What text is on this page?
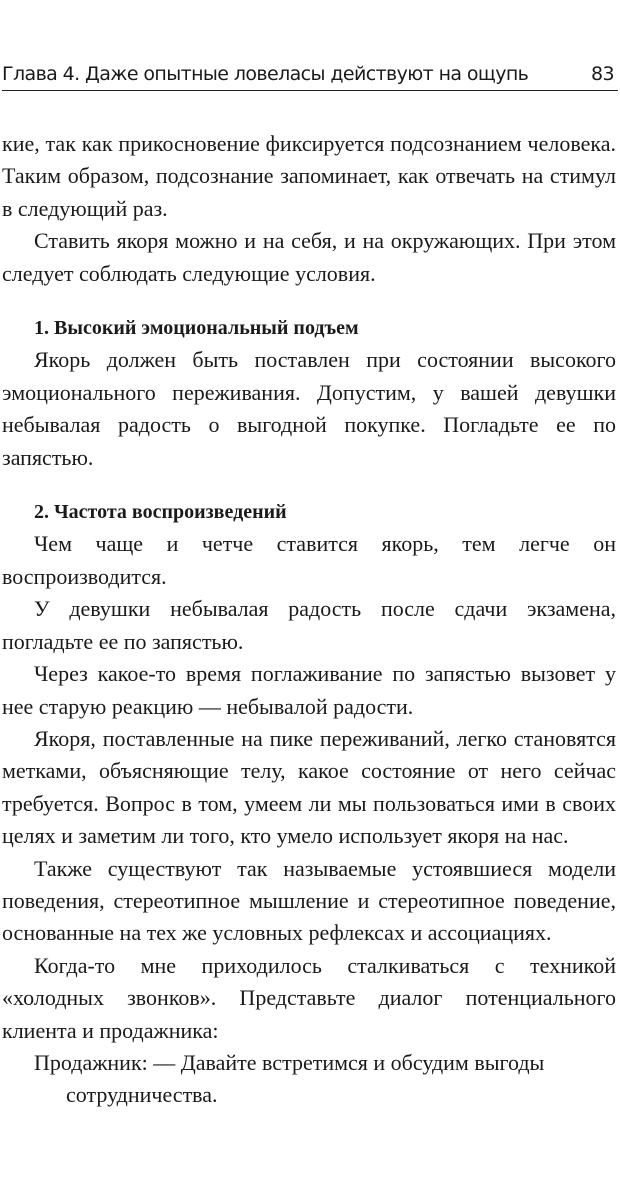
Глава 4. Даже опытные ловеласы действуют на ощупь	83

кие, так как прикосновение фиксируется подсознанием человека. Таким образом, подсознание запоминает, как отвечать на стимул в следующий раз.

Ставить якоря можно и на себя, и на окружающих. При этом следует соблюдать следующие условия.

1. Высокий эмоциональный подъем

Якорь должен быть поставлен при состоянии высокого эмоционального переживания. Допустим, у вашей девушки небывалая радость о выгодной покупке. Погладьте ее по запястью.

2. Частота воспроизведений

Чем чаще и четче ставится якорь, тем легче он воспроизводится.

У девушки небывалая радость после сдачи экзамена, погладьте ее по запястью.

Через какое-то время поглаживание по запястью вызовет у нее старую реакцию — небывалой радости.

Якоря, поставленные на пике переживаний, легко становятся метками, объясняющие телу, какое состояние от него сейчас требуется. Вопрос в том, умеем ли мы пользоваться ими в своих целях и заметим ли того, кто умело использует якоря на нас.

Также существуют так называемые устоявшиеся модели поведения, стереотипное мышление и стереотипное поведение, основанные на тех же условных рефлексах и ассоциациях.

Когда-то мне приходилось сталкиваться с техникой «холодных звонков». Представьте диалог потенциального клиента и продажника:

Продажник: — Давайте встретимся и обсудим выгоды сотрудничества.
